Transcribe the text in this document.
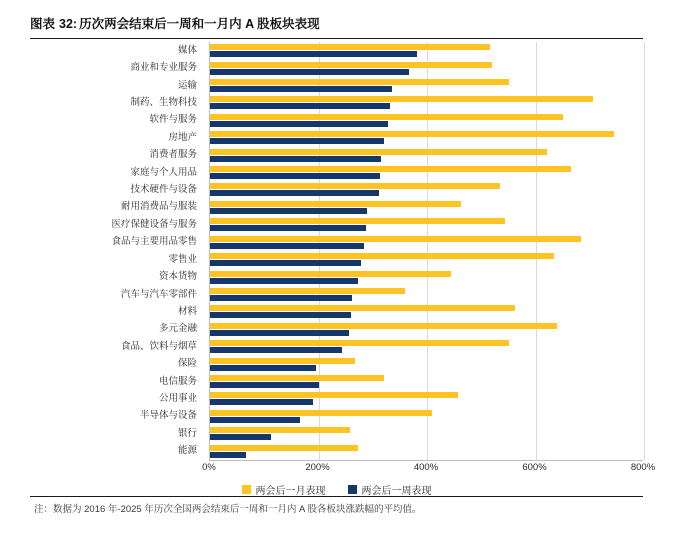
图表 32: 历次两会结束后一周和一月内 A 股板块表现
媒体
商业和专业服务
运输
制药、生物科技
软件与服务
房地产
消费者服务
家庭与个人用品
技术硬件与设备
耐用消费品与服装
医疗保健设备与服务
食品与主要用品零售
零售业
资本货物
汽车与汽车零部件
材料
多元金融
食品、饮料与烟草
保险
电信服务
公用事业
半导体与设备
银行
能源
0%	200%	400%	600%	800%
两会后一月表现	两会后一周表现
注：数据为 2016 年-2025 年历次全国两会结束后一周和一月内 A 股各板块涨跌幅的平均值。
